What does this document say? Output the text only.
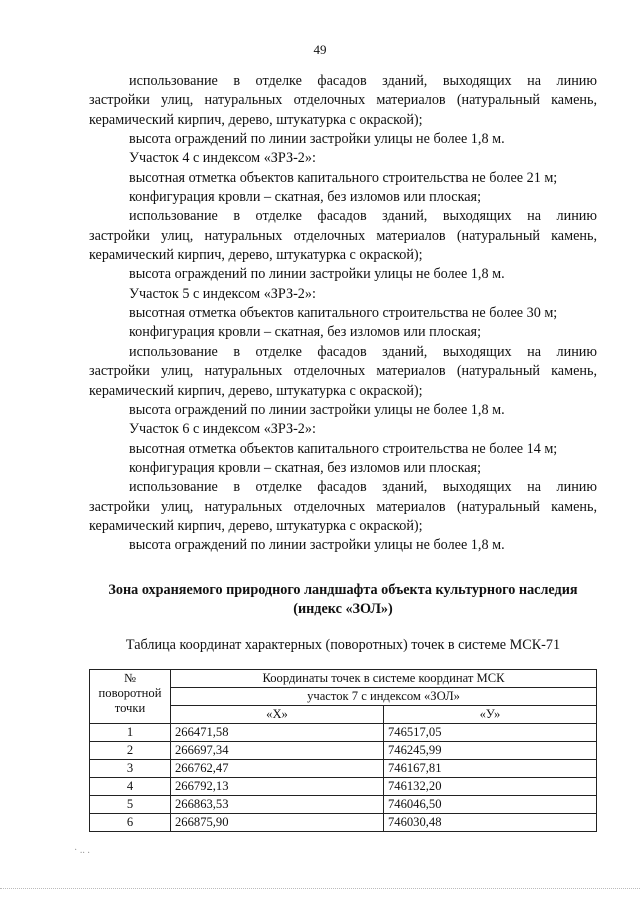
49
использование в отделке фасадов зданий, выходящих на линию
застройки улиц, натуральных отделочных материалов (натуральный камень,
керамический кирпич, дерево, штукатурка с окраской);
высота ограждений по линии застройки улицы не более 1,8 м.
Участок 4 с индексом «ЗРЗ-2»:
высотная отметка объектов капитального строительства не более 21 м;
конфигурация кровли – скатная, без изломов или плоская;
использование в отделке фасадов зданий, выходящих на линию
застройки улиц, натуральных отделочных материалов (натуральный камень,
керамический кирпич, дерево, штукатурка с окраской);
высота ограждений по линии застройки улицы не более 1,8 м.
Участок 5 с индексом «ЗРЗ-2»:
высотная отметка объектов капитального строительства не более 30 м;
конфигурация кровли – скатная, без изломов или плоская;
использование в отделке фасадов зданий, выходящих на линию
застройки улиц, натуральных отделочных материалов (натуральный камень,
керамический кирпич, дерево, штукатурка с окраской);
высота ограждений по линии застройки улицы не более 1,8 м.
Участок 6 с индексом «ЗРЗ-2»:
высотная отметка объектов капитального строительства не более 14 м;
конфигурация кровли – скатная, без изломов или плоская;
использование в отделке фасадов зданий, выходящих на линию
застройки улиц, натуральных отделочных материалов (натуральный камень,
керамический кирпич, дерево, штукатурка с окраской);
высота ограждений по линии застройки улицы не более 1,8 м.
Зона охраняемого природного ландшафта объекта культурного наследия
(индекс «ЗОЛ»)
Таблица координат характерных (поворотных) точек в системе МСК-71
№ поворотной точки	Координаты точек в системе координат МСК	
	участок 7 с индексом «ЗОЛ»	
	«Х»	«У»
1	266471,58	746517,05
2	266697,34	746245,99
3	266762,47	746167,81
4	266792,13	746132,20
5	266863,53	746046,50
6	266875,90	746030,48
· .. .
